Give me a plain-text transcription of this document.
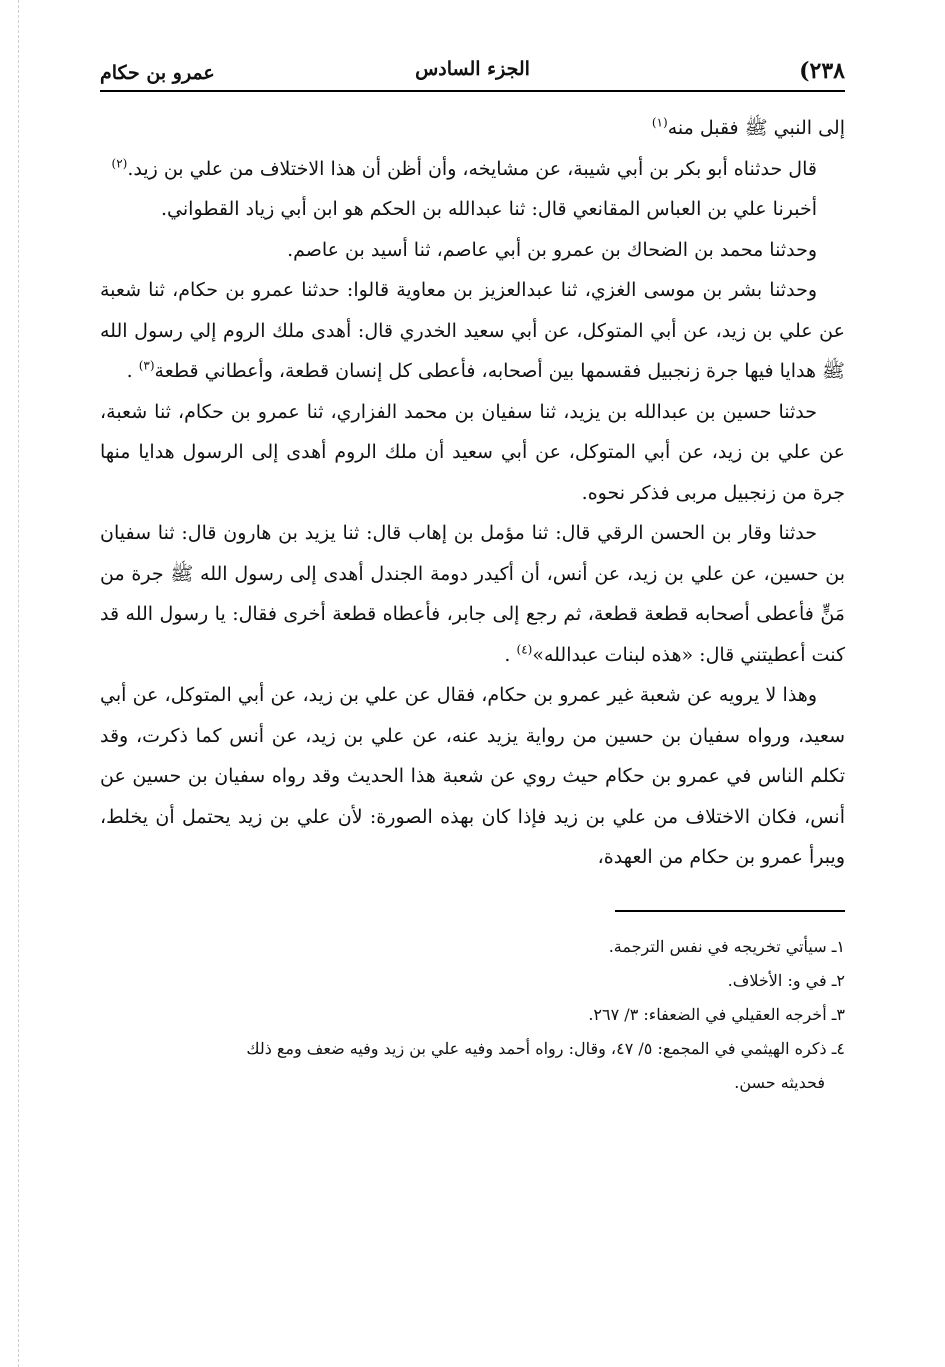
(٢٣٨
الجزء السادس
عمرو بن حكام

إلى النبي ﷺ فقبل منه$^{(١)}$

قال حدثناه أبو بكر بن أبي شيبة، عن مشايخه، وأن أظن أن هذا الاختلاف من علي بن زيد.$^{(٢)}$

أخبرنا علي بن العباس المقانعي قال: ثنا عبدالله بن الحكم هو ابن أبي زياد القطواني.

وحدثنا محمد بن الضحاك بن عمرو بن أبي عاصم، ثنا أسيد بن عاصم.

وحدثنا بشر بن موسى الغزي، ثنا عبدالعزيز بن معاوية قالوا: حدثنا عمرو بن حكام، ثنا شعبة عن علي بن زيد، عن أبي المتوكل، عن أبي سعيد الخدري قال: أهدى ملك الروم إلي رسول الله ﷺ هدايا فيها جرة زنجبيل فقسمها بين أصحابه، فأعطى كل إنسان قطعة، وأعطاني قطعة$^{(٣)}$ .

حدثنا حسين بن عبدالله بن يزيد، ثنا سفيان بن محمد الفزاري، ثنا عمرو بن حكام، ثنا شعبة، عن علي بن زيد، عن أبي المتوكل، عن أبي سعيد أن ملك الروم أهدى إلى الرسول هدايا منها جرة من زنجبيل مربى فذكر نحوه.

حدثنا وقار بن الحسن الرقي قال: ثنا مؤمل بن إهاب قال: ثنا يزيد بن هارون قال: ثنا سفيان بن حسين، عن علي بن زيد، عن أنس، أن أكيدر دومة الجندل أهدى إلى رسول الله ﷺ جرة من مَنٍّ فأعطى أصحابه قطعة قطعة، ثم رجع إلى جابر، فأعطاه قطعة أخرى فقال: يا رسول الله قد كنت أعطيتني قال: «هذه لبنات عبدالله»$^{(٤)}$ .

وهذا لا يرويه عن شعبة غير عمرو بن حكام، فقال عن علي بن زيد، عن أبي المتوكل، عن أبي سعيد، ورواه سفيان بن حسين من رواية يزيد عنه، عن علي بن زيد، عن أنس كما ذكرت، وقد تكلم الناس في عمرو بن حكام حيث روي عن شعبة هذا الحديث وقد رواه سفيان بن حسين عن أنس، فكان الاختلاف من علي بن زيد فإذا كان بهذه الصورة: لأن علي بن زيد يحتمل أن يخلط، ويبرأ عمرو بن حكام من العهدة،

١ـ سيأتي تخريجه في نفس الترجمة.

٢ـ في و: الأخلاف.

٣ـ أخرجه العقيلي في الضعفاء: ٣/ ٢٦٧.

٤ـ ذكره الهيثمي في المجمع: ٥/ ٤٧، وقال: رواه أحمد وفيه علي بن زيد وفيه ضعف ومع ذلك

فحديثه حسن.
